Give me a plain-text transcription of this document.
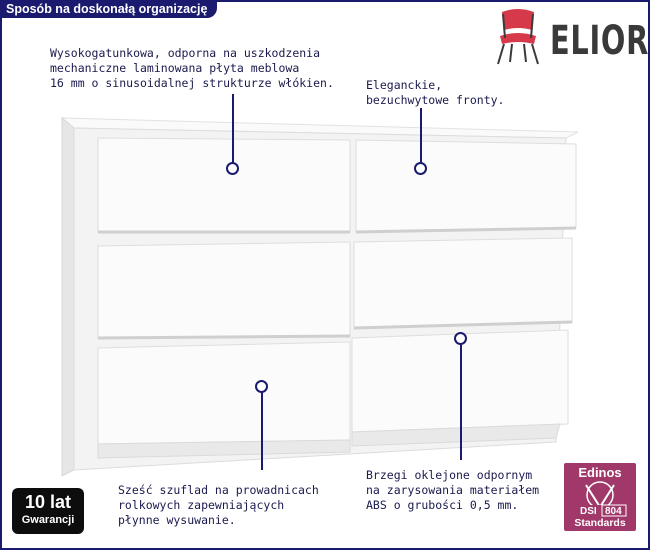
Sposób na doskonałą organizację
ELIOR
Wysokogatunkowa, odporna na uszkodzenia
mechaniczne laminowana płyta meblowa
16 mm o sinusoidalnej strukturze włókien.	Eleganckie,
bezuchwytowe fronty.
Sześć szuflad na prowadnicach
rolkowych zapewniających
płynne wysuwanie.
Brzegi oklejone odpornym
na zarysowania materiałem
ABS o grubości 0,5 mm.
10 lat
Gwarancji
Edinos
DSI 804
Standards
